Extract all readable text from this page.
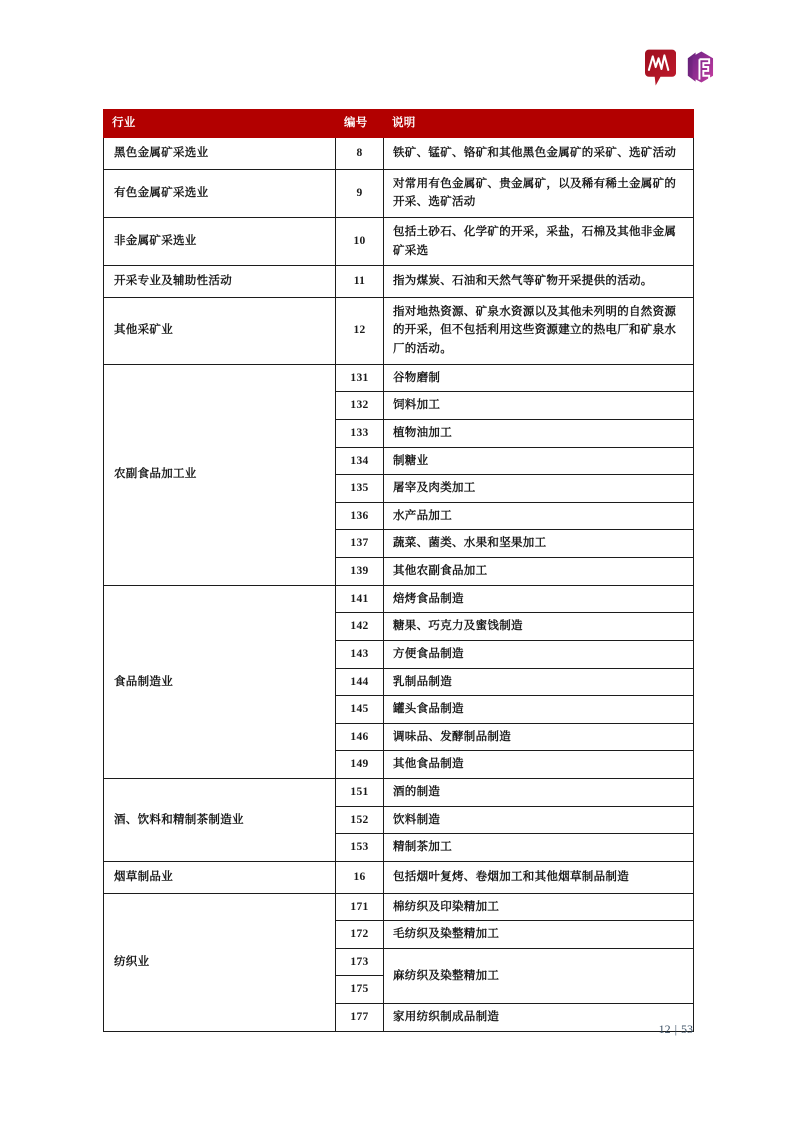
行业	编号	说明
黑色金属矿采选业	8	铁矿、锰矿、铬矿和其他黑色金属矿的采矿、选矿活动
有色金属矿采选业	9	对常用有色金属矿、贵金属矿，以及稀有稀土金属矿的开采、选矿活动
非金属矿采选业	10	包括土砂石、化学矿的开采，采盐，石棉及其他非金属矿采选
开采专业及辅助性活动	11	指为煤炭、石油和天然气等矿物开采提供的活动。
其他采矿业	12	指对地热资源、矿泉水资源以及其他未列明的自然资源的开采，但不包括利用这些资源建立的热电厂和矿泉水厂的活动。
农副食品加工业	131	谷物磨制
	132	饲料加工
	133	植物油加工
	134	制糖业
	135	屠宰及肉类加工
	136	水产品加工
	137	蔬菜、菌类、水果和坚果加工
	139	其他农副食品加工
食品制造业	141	焙烤食品制造
	142	糖果、巧克力及蜜饯制造
	143	方便食品制造
	144	乳制品制造
	145	罐头食品制造
	146	调味品、发酵制品制造
	149	其他食品制造
酒、饮料和精制茶制造业	151	酒的制造
	152	饮料制造
	153	精制茶加工
烟草制品业	16	包括烟叶复烤、卷烟加工和其他烟草制品制造
纺织业	171	棉纺织及印染精加工
	172	毛纺织及染整精加工
	173	麻纺织及染整精加工
	175	
	177	家用纺织制成品制造
12 | 53
